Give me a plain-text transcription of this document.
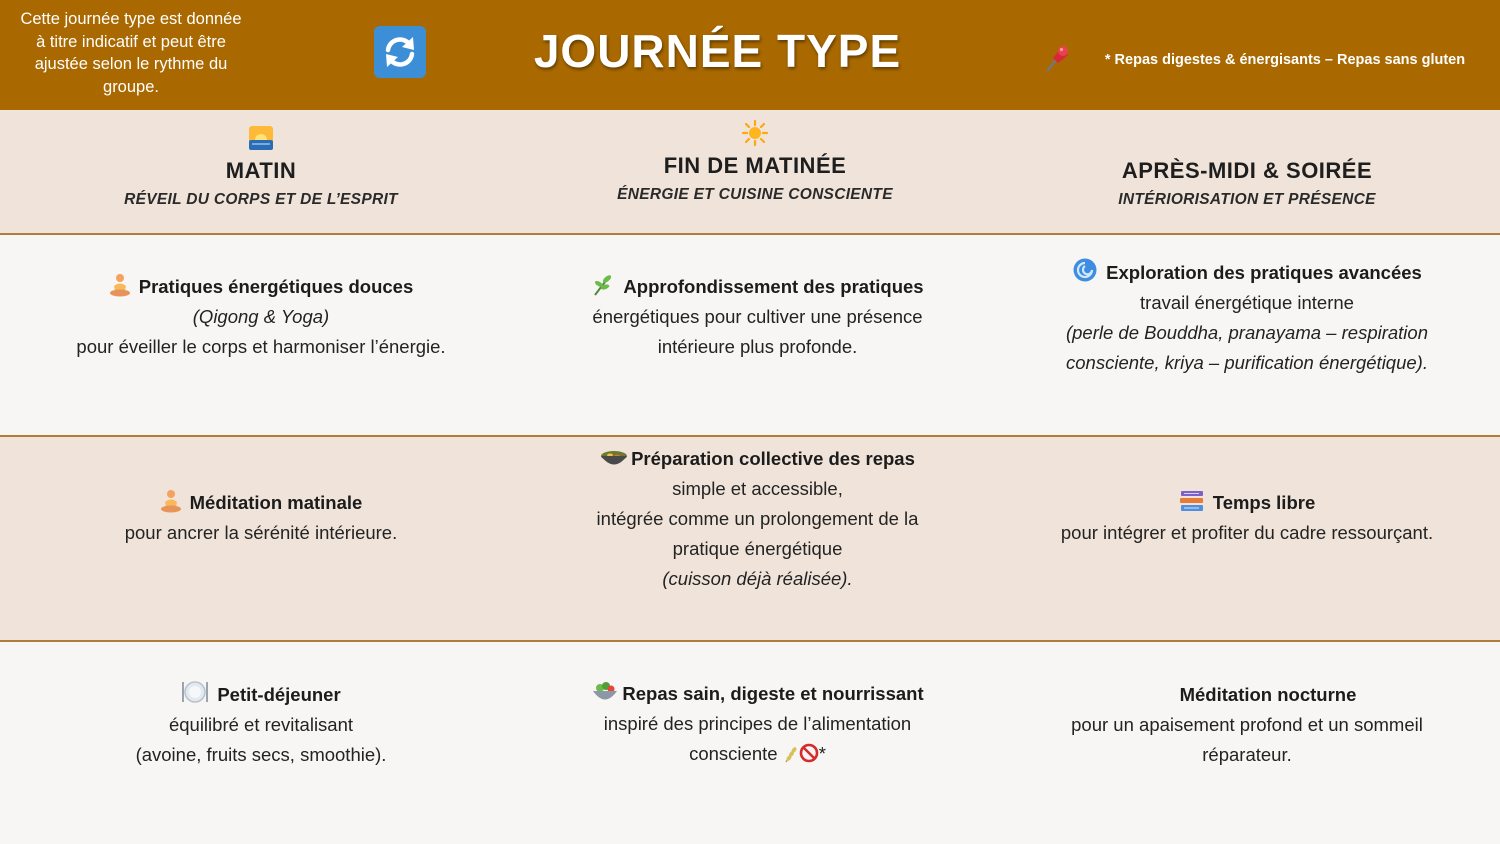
Cette journée type est donnée à titre indicatif et peut être ajustée selon le rythme du groupe.
JOURNÉE TYPE	* Repas digestes & énergisants – Repas sans gluten
MATIN
RÉVEIL DU CORPS ET DE L’ESPRIT
FIN DE MATINÉE
ÉNERGIE ET CUISINE CONSCIENTE
APRÈS-MIDI & SOIRÉE
INTÉRIORISATION ET PRÉSENCE
Pratiques énergétiques douces
(Qigong & Yoga)
pour éveiller le corps et harmoniser l’énergie.
Approfondissement des pratiques
énergétiques pour cultiver une présence
intérieure plus profonde.
Exploration des pratiques avancées
travail énergétique interne
(perle de Bouddha, pranayama – respiration
consciente, kriya – purification énergétique).
Méditation matinale
pour ancrer la sérénité intérieure.
Préparation collective des repas
simple et accessible,
intégrée comme un prolongement de la
pratique énergétique
(cuisson déjà réalisée).
Temps libre
pour intégrer et profiter du cadre ressourçant.
Petit-déjeuner
équilibré et revitalisant
(avoine, fruits secs, smoothie).
Repas sain, digeste et nourrissant
inspiré des principes de l’alimentation
consciente *
Méditation nocturne
pour un apaisement profond et un sommeil
réparateur.
